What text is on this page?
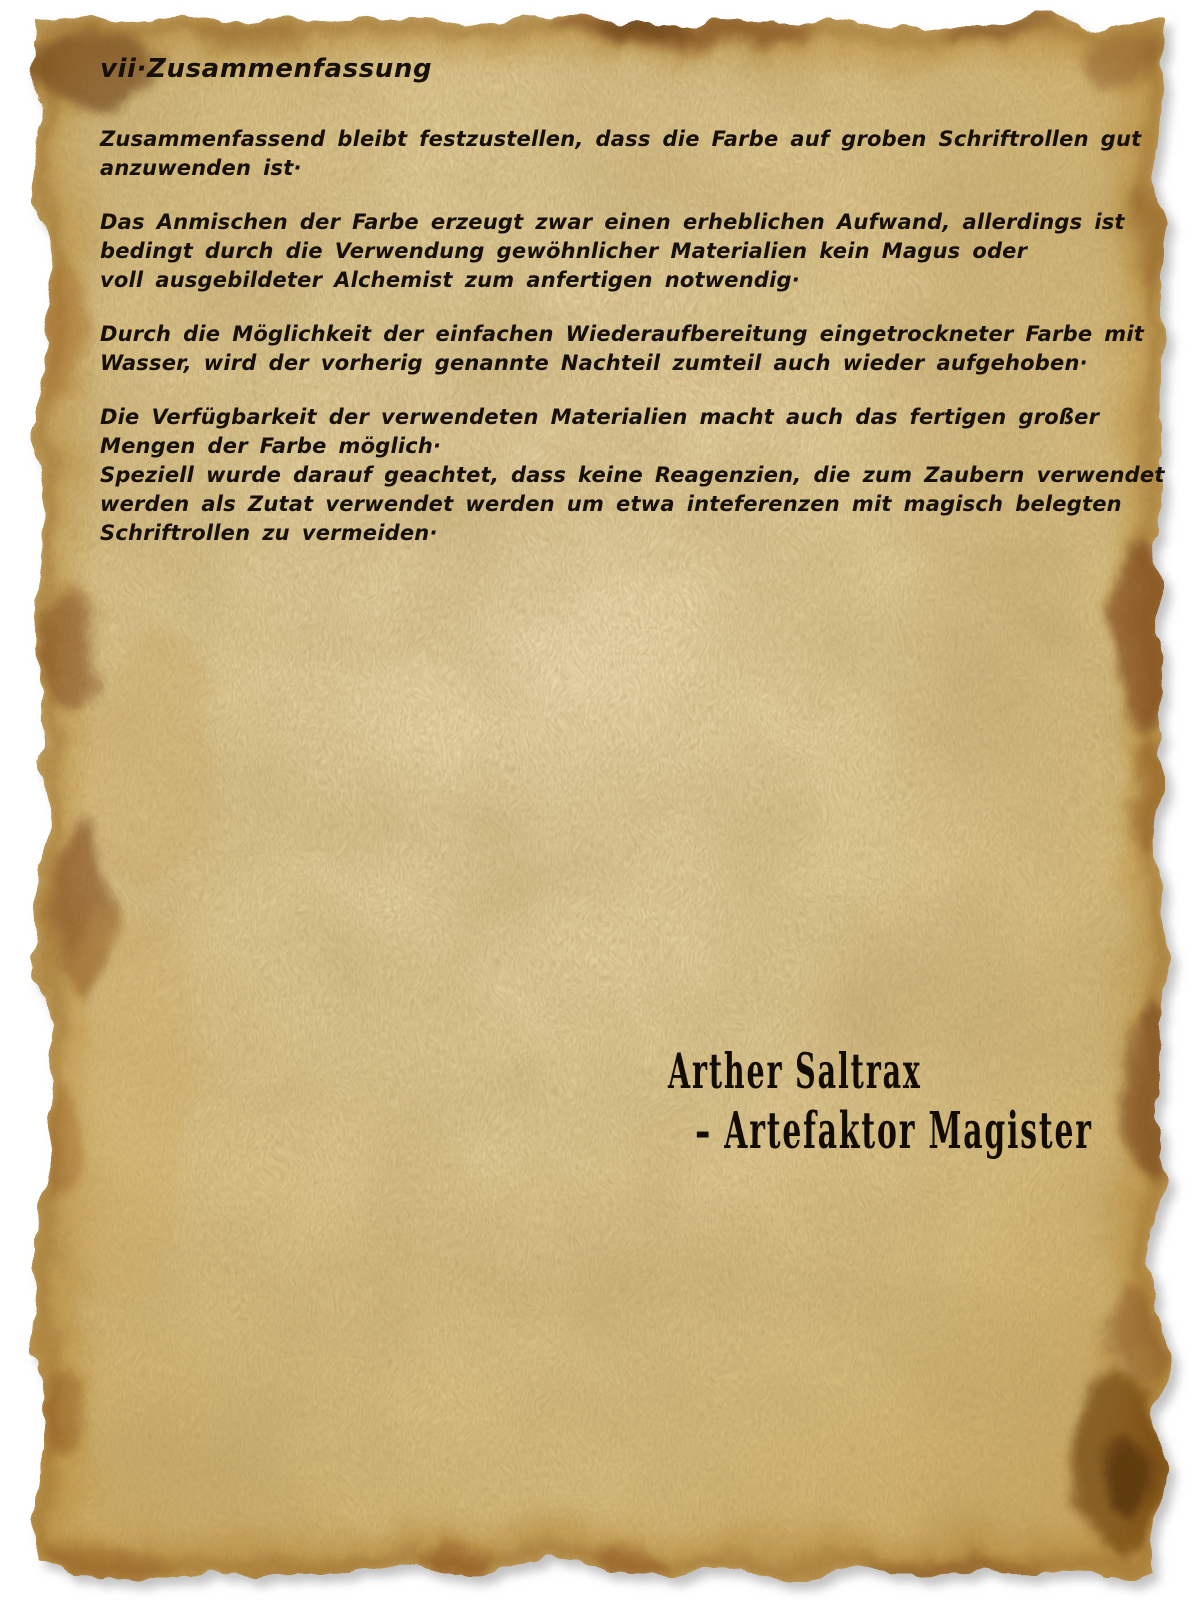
vii·Zusammenfassung
Zusammenfassend bleibt festzustellen, dass die Farbe auf groben Schriftrollen gut
anzuwenden ist·
Das Anmischen der Farbe erzeugt zwar einen erheblichen Aufwand, allerdings ist
bedingt durch die Verwendung gewöhnlicher Materialien kein Magus oder
voll ausgebildeter Alchemist zum anfertigen notwendig·
Durch die Möglichkeit der einfachen Wiederaufbereitung eingetrockneter Farbe mit
Wasser, wird der vorherig genannte Nachteil zumteil auch wieder aufgehoben·
Die Verfügbarkeit der verwendeten Materialien macht auch das fertigen großer
Mengen der Farbe möglich·
Speziell wurde darauf geachtet, dass keine Reagenzien, die zum Zaubern verwendet
werden als Zutat verwendet werden um etwa inteferenzen mit magisch belegten
Schriftrollen zu vermeiden·
Arther Saltrax
– Artefaktor Magister
